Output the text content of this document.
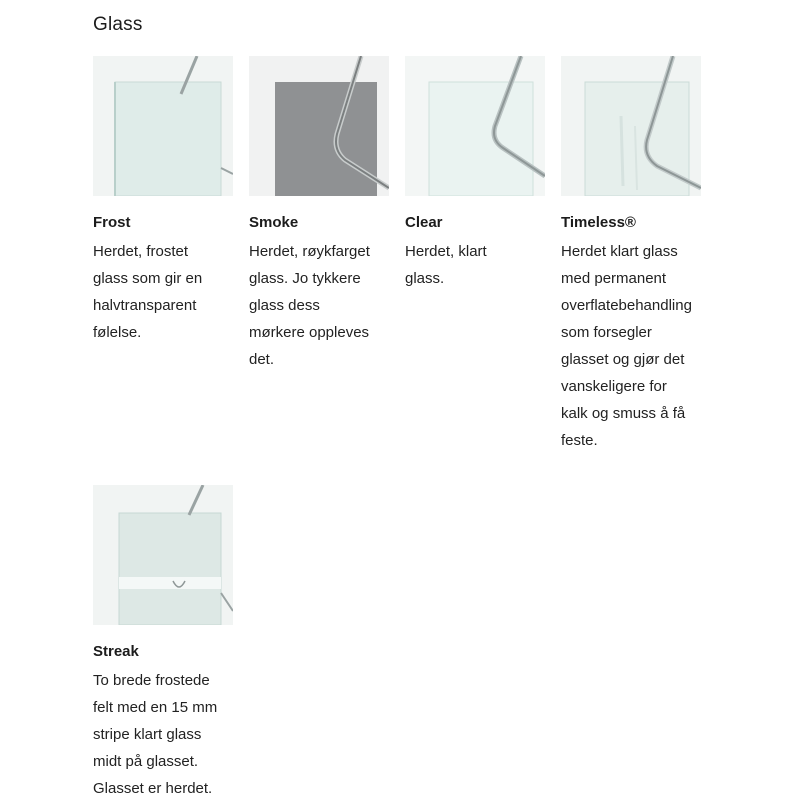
Glass
Frost
Herdet, frostet
glass som gir en
halvtransparent
følelse.
Smoke
Herdet, røykfarget
glass. Jo tykkere
glass dess
mørkere oppleves
det.
Clear
Herdet, klart
glass.
Timeless®
Herdet klart glass
med permanent
overflatebehandling
som forsegler
glasset og gjør det
vanskeligere for
kalk og smuss å få
feste.
Streak
To brede frostede
felt med en 15 mm
stripe klart glass
midt på glasset.
Glasset er herdet.
